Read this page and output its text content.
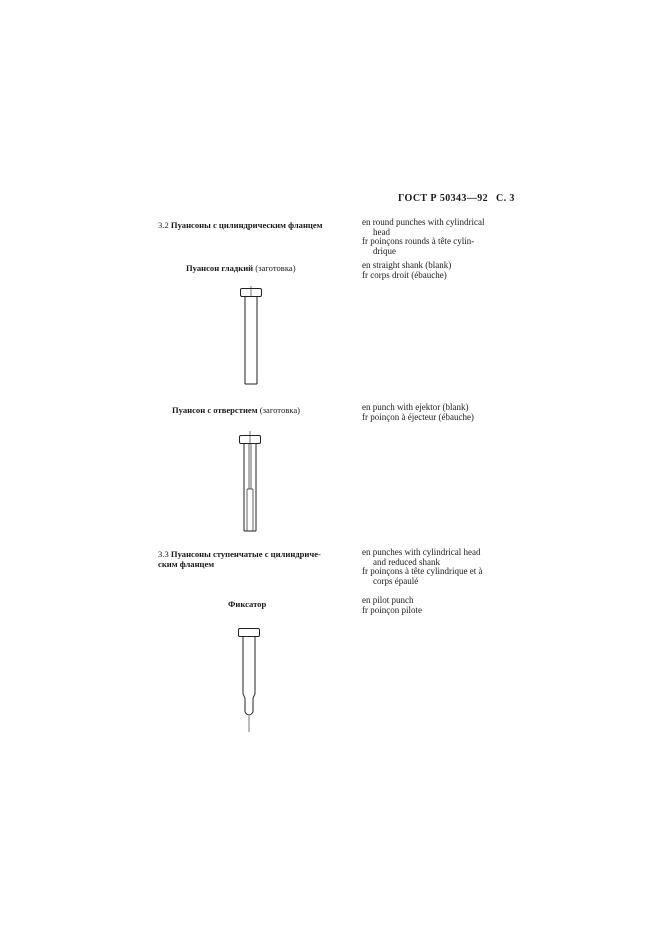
ГОСТ Р 50343—92 С. 3
3.2 Пуансоны с цилиндрическим фланцем	en round punches with cylindrical
head
fr poinçons rounds à tête cylin-
drique
Пуансон гладкий (заготовка)	en straight shank (blank)
fr corps droit (ébauche)
Пуансон с отверстием (заготовка)	en punch with ejektor (blank)
fr poinçon à éjecteur (ébauche)
3.3 Пуансоны ступенчатые с цилиндриче-
ским фланцем
en punches with cylindrical head
and reduced shank
fr poinçons à tête cylindrique et à
corps épaulé
Фиксатор	en pilot punch
fr poinçon pilote
